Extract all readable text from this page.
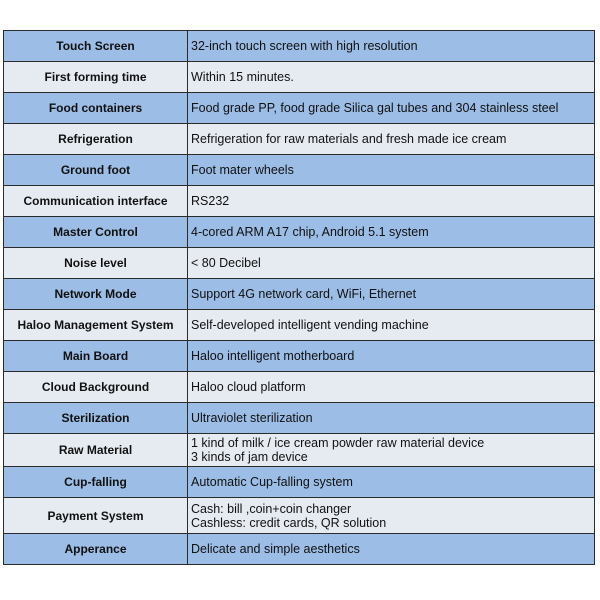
Touch Screen	32-inch touch screen with high resolution

First forming time	Within 15 minutes.

Food containers	Food grade PP, food grade Silica gal tubes and 304 stainless steel

Refrigeration	Refrigeration for raw materials and fresh made ice cream

Ground foot	Foot mater wheels

Communication interface	RS232

Master Control	4-cored ARM A17 chip, Android 5.1 system

Noise level	< 80 Decibel

Network Mode	Support 4G network card, WiFi, Ethernet

Haloo Management System	Self-developed intelligent vending machine

Main Board	Haloo intelligent motherboard

Cloud Background	Haloo cloud platform

Sterilization	Ultraviolet sterilization

Raw Material	1 kind of milk / ice cream powder raw material device
3 kinds of jam device

Cup-falling	Automatic Cup-falling system

Payment System	Cash: bill ,coin+coin changer
Cashless: credit cards, QR solution

Apperance	Delicate and simple aesthetics
